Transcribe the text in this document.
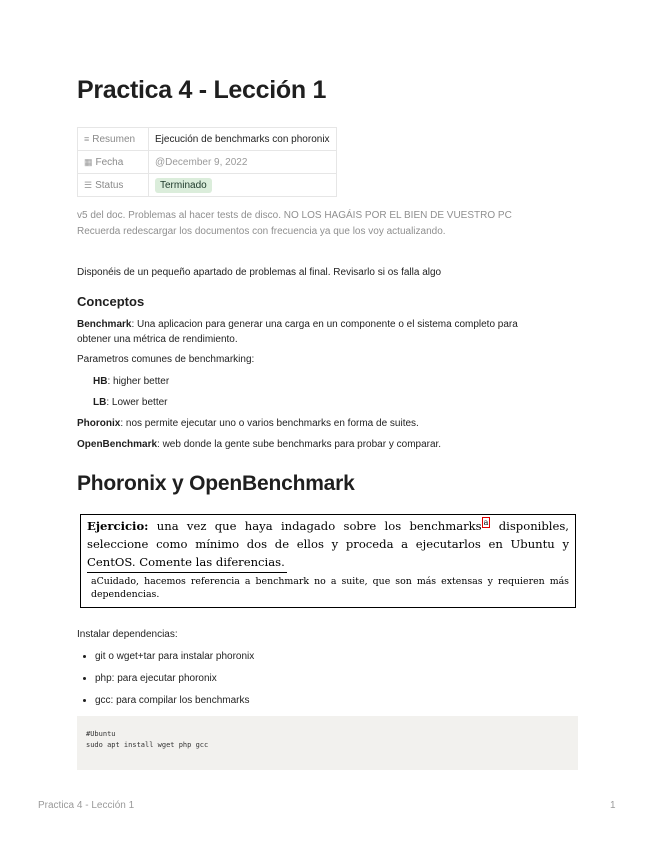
Practica 4 - Lección 1
≡ Resumen	Ejecución de benchmarks con phoronix
▦ Fecha	@December 9, 2022
☰ Status	Terminado
v5 del doc. Problemas al hacer tests de disco. NO LOS HAGÁIS POR EL BIEN DE VUESTRO PC
Recuerda redescargar los documentos con frecuencia ya que los voy actualizando.
Disponéis de un pequeño apartado de problemas al final. Revisarlo si os falla algo
Conceptos
Benchmark: Una aplicacion para generar una carga en un componente o el sistema completo para
obtener una métrica de rendimiento.
Parametros comunes de benchmarking:
HB: higher better
LB: Lower better
Phoronix: nos permite ejecutar uno o varios benchmarks en forma de suites.
OpenBenchmark: web donde la gente sube benchmarks para probar y comparar.
Phoronix y OpenBenchmark
Ejercicio: una vez que haya indagado sobre los benchmarks a disponibles, seleccione como mínimo dos de ellos y proceda a ejecutarlos en Ubuntu y CentOS. Comente las diferencias.
aCuidado, hacemos referencia a benchmark no a suite, que son más extensas y requieren más dependencias.
Instalar dependencias:
• git o wget+tar para instalar phoronix
• php: para ejecutar phoronix
• gcc: para compilar los benchmarks
#Ubuntu
sudo apt install wget php gcc
Practica 4 - Lección 1	1
